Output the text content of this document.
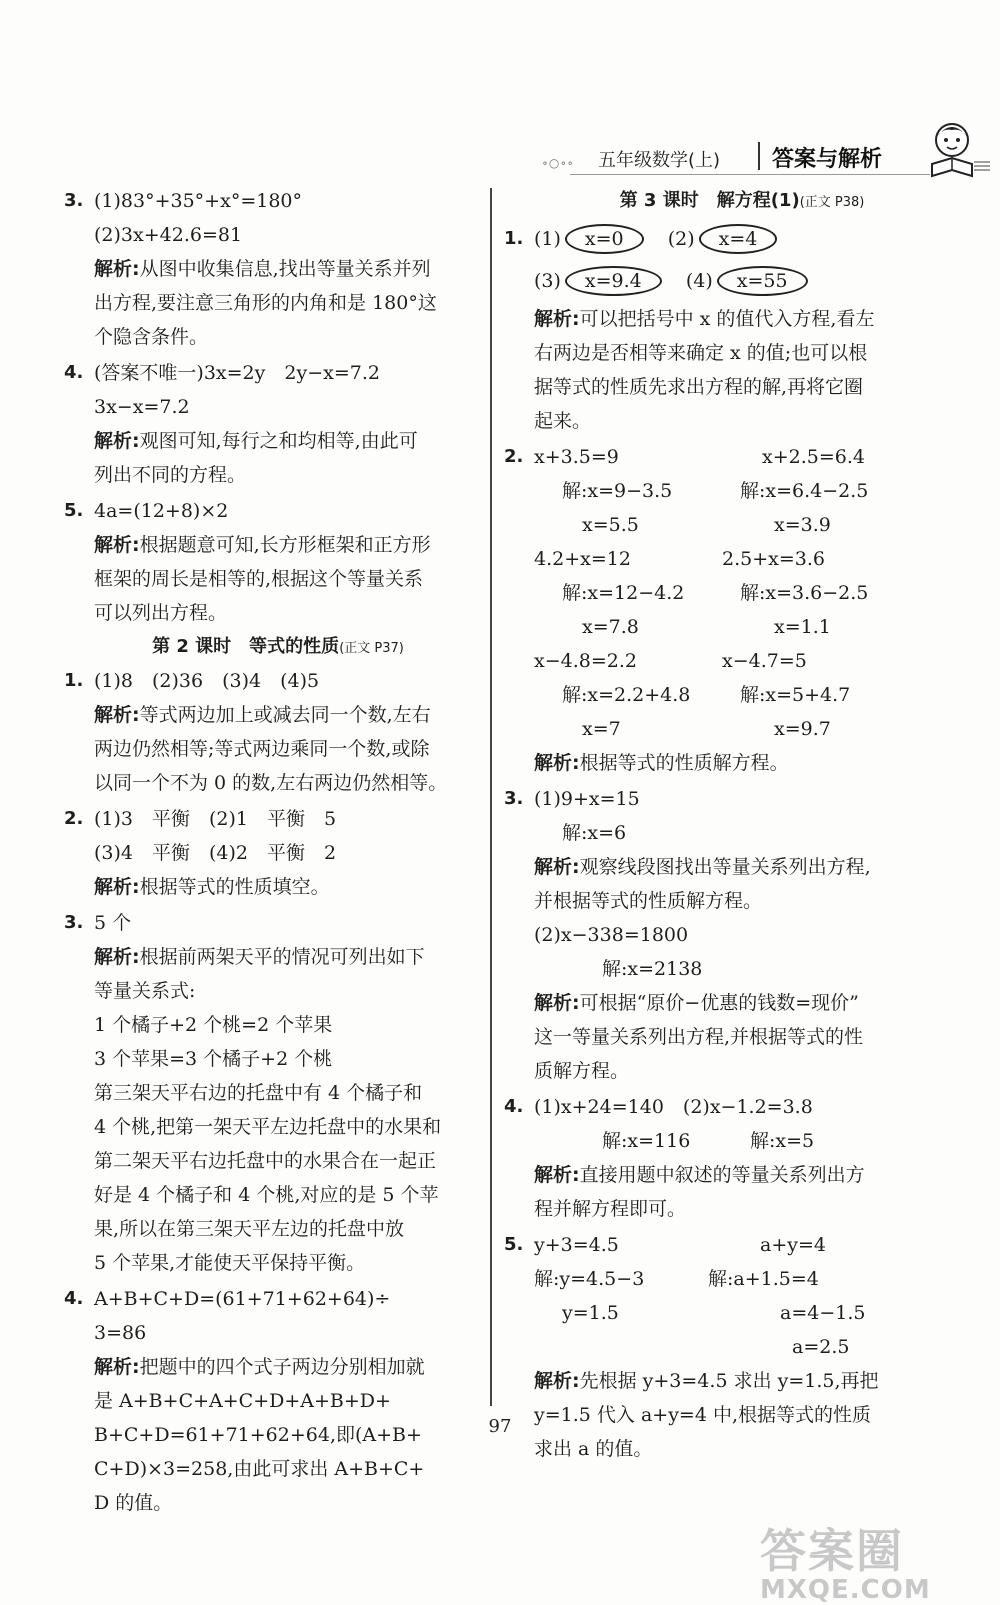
∘○∘∘ 五年级数学(上) 答案与解析
3. (1)83°+35°+x°=180°
(2)3x+42.6=81
解析:从图中收集信息,找出等量关系并列
出方程,要注意三角形的内角和是 180°这
个隐含条件。
4. (答案不唯一)3x=2y　2y−x=7.2
3x−x=7.2
解析:观图可知,每行之和均相等,由此可
列出不同的方程。
5. 4a=(12+8)×2
解析:根据题意可知,长方形框架和正方形
框架的周长是相等的,根据这个等量关系
可以列出方程。
第 2 课时　等式的性质(正文 P37)
1. (1)8　(2)36　(3)4　(4)5
解析:等式两边加上或减去同一个数,左右
两边仍然相等;等式两边乘同一个数,或除
以同一个不为 0 的数,左右两边仍然相等。
2. (1)3　平衡　(2)1　平衡　5
(3)4　平衡　(4)2　平衡　2
解析:根据等式的性质填空。
3. 5 个
解析:根据前两架天平的情况可列出如下
等量关系式:
1 个橘子+2 个桃=2 个苹果
3 个苹果=3 个橘子+2 个桃
第三架天平右边的托盘中有 4 个橘子和
4 个桃,把第一架天平左边托盘中的水果和
第二架天平右边托盘中的水果合在一起正
好是 4 个橘子和 4 个桃,对应的是 5 个苹
果,所以在第三架天平左边的托盘中放
5 个苹果,才能使天平保持平衡。
4. A+B+C+D=(61+71+62+64)÷
3=86
解析:把题中的四个式子两边分别相加就
是 A+B+C+A+C+D+A+B+D+
B+C+D=61+71+62+64,即(A+B+
C+D)×3=258,由此可求出 A+B+C+
D 的值。
第 3 课时　解方程(1)(正文 P38)
1. (1) x=0 (2) x=4
(3) x=9.4 (4) x=55
解析:可以把括号中 x 的值代入方程,看左
右两边是否相等来确定 x 的值;也可以根
据等式的性质先求出方程的解,再将它圈
起来。
2. x+3.5=9	x+2.5=6.4
解:x=9−3.5	解:x=6.4−2.5
x=5.5	x=3.9
4.2+x=12	2.5+x=3.6
解:x=12−4.2	解:x=3.6−2.5
x=7.8	x=1.1
x−4.8=2.2	x−4.7=5
解:x=2.2+4.8	解:x=5+4.7
x=7	x=9.7
解析:根据等式的性质解方程。
3. (1)9+x=15
解:x=6
解析:观察线段图找出等量关系列出方程,
并根据等式的性质解方程。
(2)x−338=1800
解:x=2138
解析:可根据“原价−优惠的钱数=现价”
这一等量关系列出方程,并根据等式的性
质解方程。
4. (1)x+24=140　(2)x−1.2=3.8
解:x=116	解:x=5
解析:直接用题中叙述的等量关系列出方
程并解方程即可。
5. y+3=4.5	a+y=4
解:y=4.5−3	解:a+1.5=4
y=1.5	a=4−1.5
a=2.5
解析:先根据 y+3=4.5 求出 y=1.5,再把
y=1.5 代入 a+y=4 中,根据等式的性质
求出 a 的值。
97
答案圈
MXQE.COM
